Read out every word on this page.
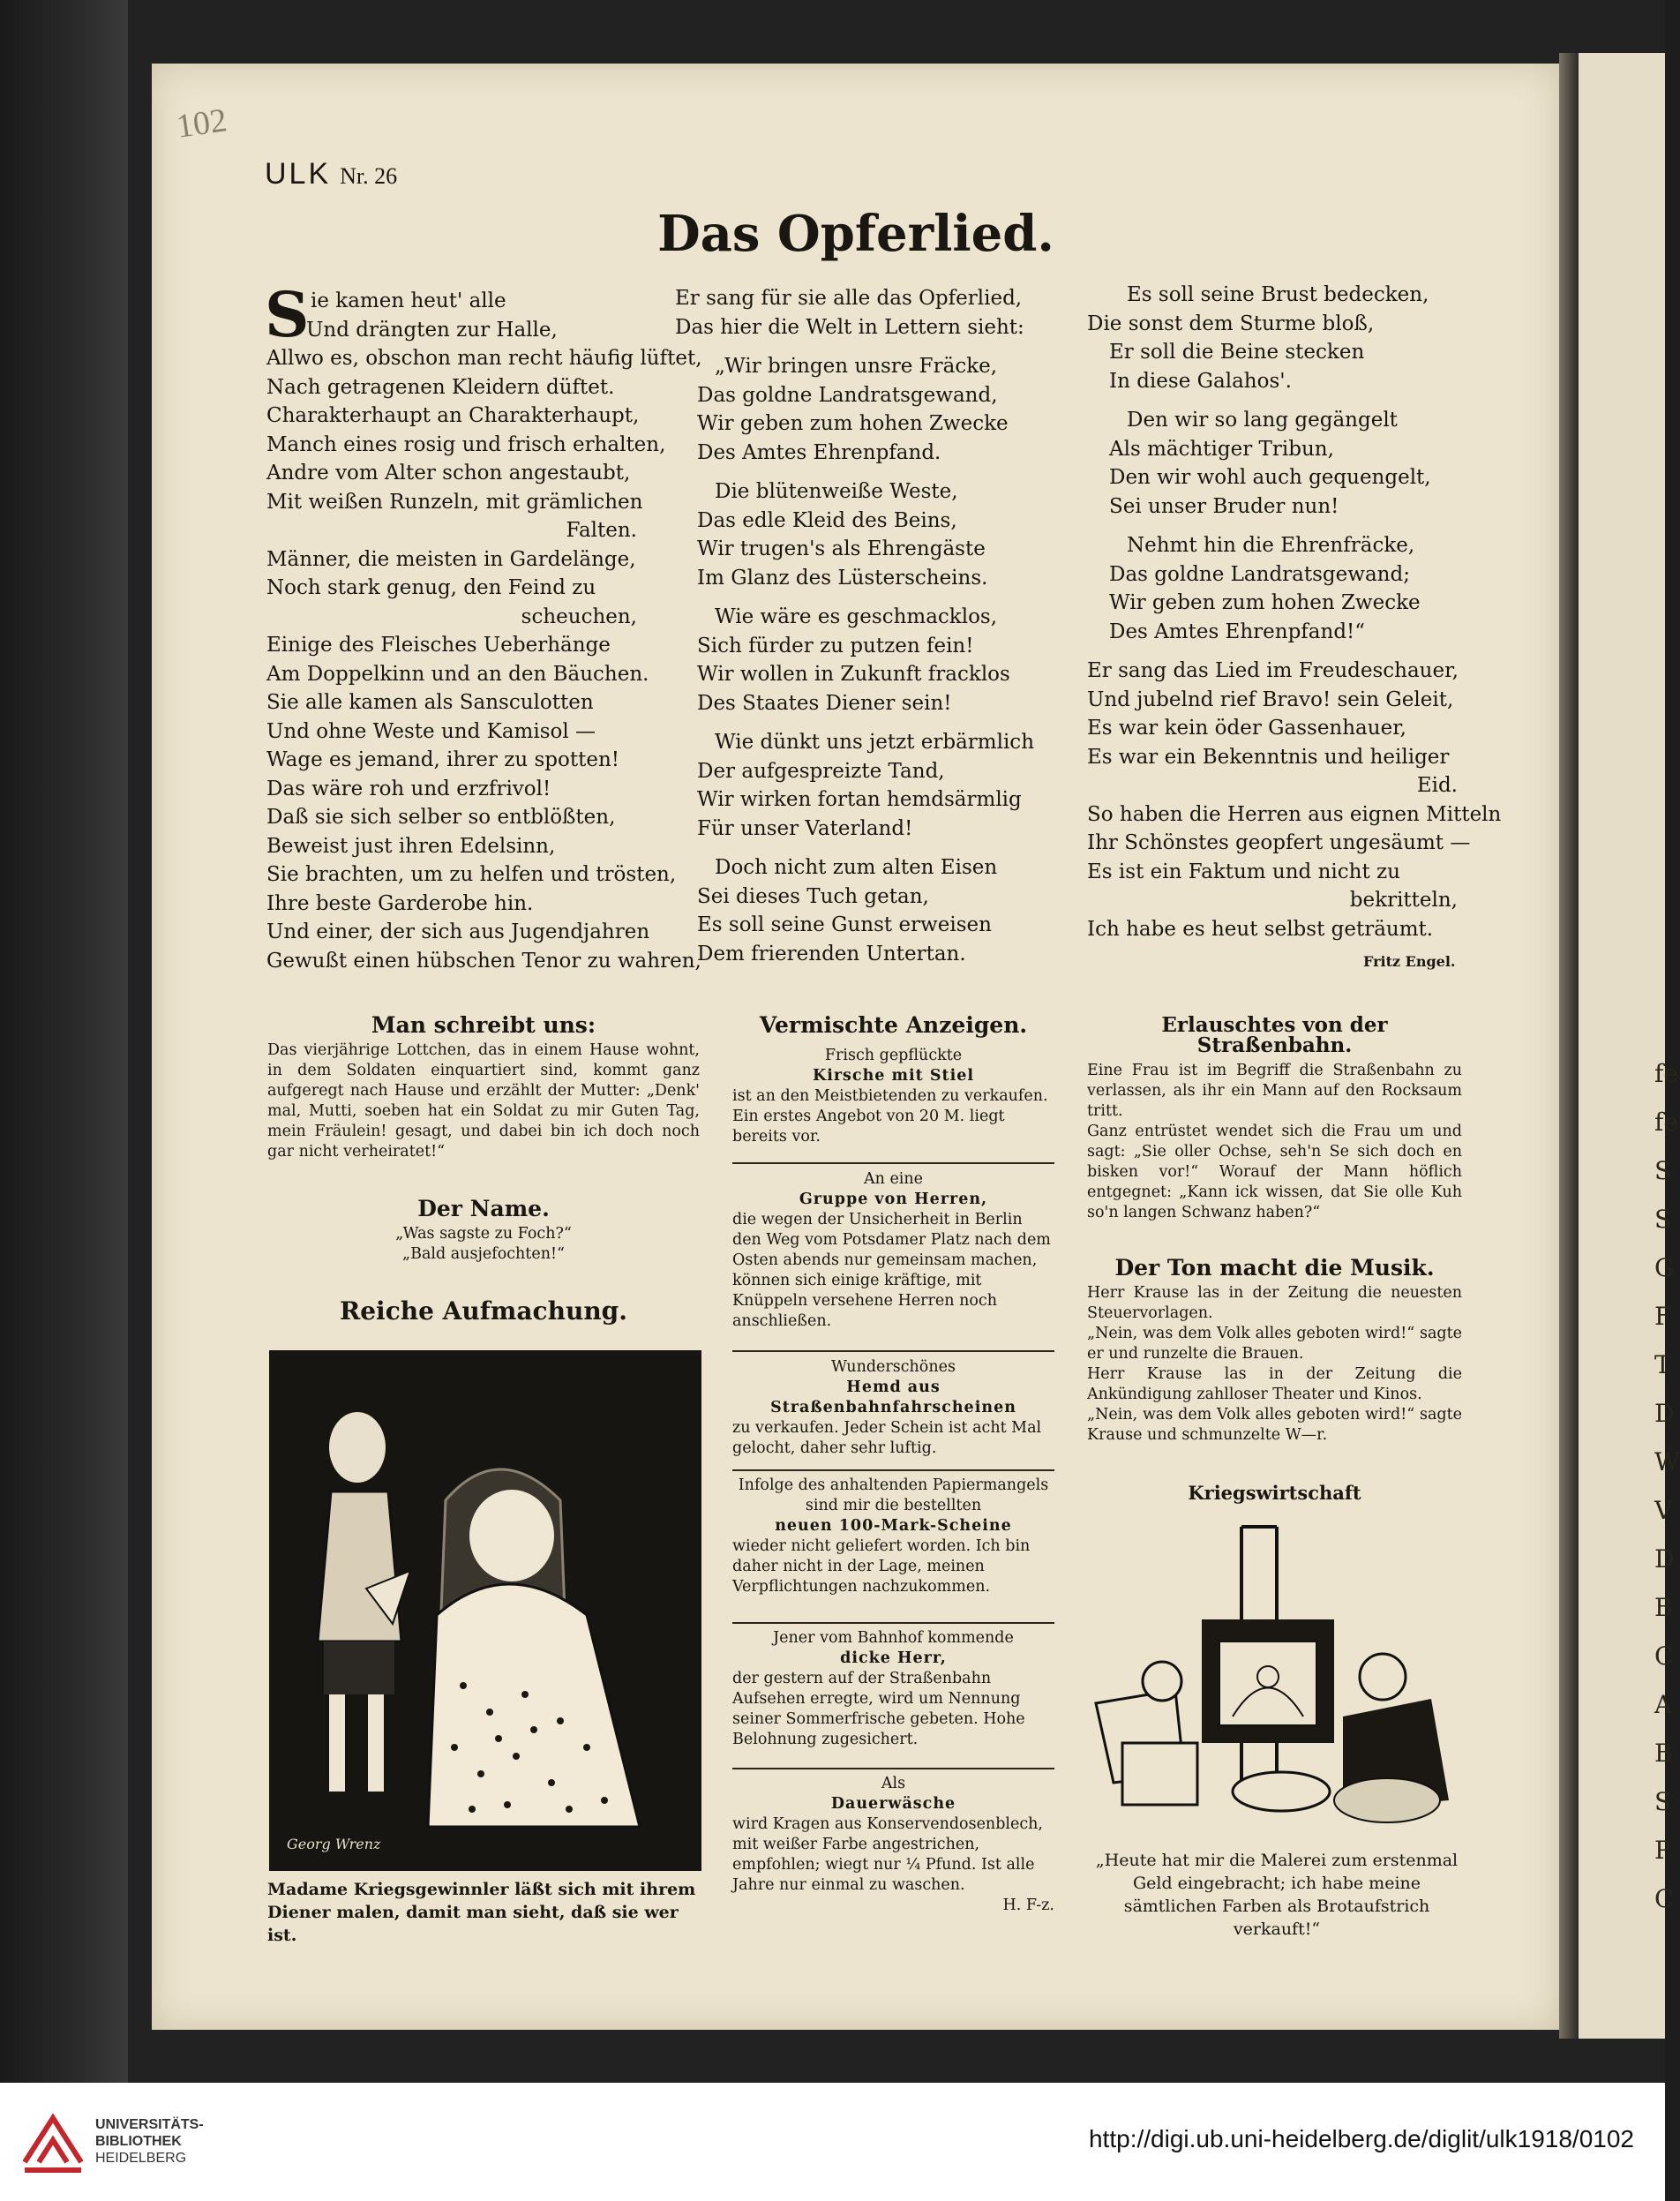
fe
fe
S
S
G
F
T
D
W
V
D
B
C
A
B
S
P
C
102
ULK Nr. 26
Das Opferlied.
S ie kamen heut' alle
Und drängten zur Halle,
Allwo es, obschon man recht häufig lüftet,
Nach getragenen Kleidern düftet.
Charakterhaupt an Charakterhaupt,
Manch eines rosig und frisch erhalten,
Andre vom Alter schon angestaubt,
Mit weißen Runzeln, mit grämlichen
Falten.
Männer, die meisten in Gardelänge,
Noch stark genug, den Feind zu
scheuchen,
Einige des Fleisches Ueberhänge
Am Doppelkinn und an den Bäuchen.
Sie alle kamen als Sansculotten
Und ohne Weste und Kamisol —
Wage es jemand, ihrer zu spotten!
Das wäre roh und erzfrivol!
Daß sie sich selber so entblößten,
Beweist just ihren Edelsinn,
Sie brachten, um zu helfen und trösten,
Ihre beste Garderobe hin.
Und einer, der sich aus Jugendjahren
Gewußt einen hübschen Tenor zu wahren,
Er sang für sie alle das Opferlied,
Das hier die Welt in Lettern sieht:
„Wir bringen unsre Fräcke,
Das goldne Landratsgewand,
Wir geben zum hohen Zwecke
Des Amtes Ehrenpfand.
Die blütenweiße Weste,
Das edle Kleid des Beins,
Wir trugen's als Ehrengäste
Im Glanz des Lüsterscheins.
Wie wäre es geschmacklos,
Sich fürder zu putzen fein!
Wir wollen in Zukunft fracklos
Des Staates Diener sein!
Wie dünkt uns jetzt erbärmlich
Der aufgespreizte Tand,
Wir wirken fortan hemdsärmlig
Für unser Vaterland!
Doch nicht zum alten Eisen
Sei dieses Tuch getan,
Es soll seine Gunst erweisen
Dem frierenden Untertan.
Es soll seine Brust bedecken,
Die sonst dem Sturme bloß,
Er soll die Beine stecken
In diese Galahos'.
Den wir so lang gegängelt
Als mächtiger Tribun,
Den wir wohl auch gequengelt,
Sei unser Bruder nun!
Nehmt hin die Ehrenfräcke,
Das goldne Landratsgewand;
Wir geben zum hohen Zwecke
Des Amtes Ehrenpfand!“
Er sang das Lied im Freudeschauer,
Und jubelnd rief Bravo! sein Geleit,
Es war kein öder Gassenhauer,
Es war ein Bekenntnis und heiliger
Eid.
So haben die Herren aus eignen Mitteln
Ihr Schönstes geopfert ungesäumt —
Es ist ein Faktum und nicht zu
bekritteln,
Ich habe es heut selbst geträumt.
Fritz Engel.
Man schreibt uns:

Das vierjährige Lottchen, das in einem Hause wohnt, in dem Soldaten einquartiert sind, kommt ganz aufgeregt nach Hause und erzählt der Mutter: „Denk' mal, Mutti, soeben hat ein Soldat zu mir Guten Tag, mein Fräulein! gesagt, und dabei bin ich doch noch gar nicht verheiratet!“

Der Name.

„Was sagste zu Foch?“

„Bald ausjefochten!“

Reiche Aufmachung.
Georg Wrenz
Madame Kriegsgewinnler läßt sich mit ihrem Diener malen, damit man sieht, daß sie wer ist.
Vermischte Anzeigen.
Frisch gepflückte
Kirsche mit Stiel
ist an den Meistbietenden zu verkaufen. Ein erstes Angebot von 20 M. liegt bereits vor.
An eine
Gruppe von Herren,
die wegen der Unsicherheit in Berlin den Weg vom Potsdamer Platz nach dem Osten abends nur gemeinsam machen, können sich einige kräftige, mit Knüppeln versehene Herren noch anschließen.
Wunderschönes
Hemd aus Straßenbahnfahrscheinen
zu verkaufen. Jeder Schein ist acht Mal gelocht, daher sehr luftig.
Infolge des anhaltenden Papiermangels sind mir die bestellten
neuen 100-Mark-Scheine
wieder nicht geliefert worden. Ich bin daher nicht in der Lage, meinen Verpflichtungen nachzukommen.
Jener vom Bahnhof kommende
dicke Herr,
der gestern auf der Straßenbahn Aufsehen erregte, wird um Nennung seiner Sommerfrische gebeten. Hohe Belohnung zugesichert.
Als
Dauerwäsche
wird Kragen aus Konservendosenblech, mit weißer Farbe angestrichen, empfohlen; wiegt nur ¼ Pfund. Ist alle Jahre nur einmal zu waschen.
H. F-z.
Erlauschtes von der Straßenbahn.

Eine Frau ist im Begriff die Straßenbahn zu verlassen, als ihr ein Mann auf den Rocksaum tritt.

Ganz entrüstet wendet sich die Frau um und sagt: „Sie oller Ochse, seh'n Se sich doch en bisken vor!“ Worauf der Mann höflich entgegnet: „Kann ick wissen, dat Sie olle Kuh so'n langen Schwanz haben?“

Der Ton macht die Musik.

Herr Krause las in der Zeitung die neuesten Steuervorlagen.

„Nein, was dem Volk alles geboten wird!“ sagte er und runzelte die Brauen.

Herr Krause las in der Zeitung die Ankündigung zahlloser Theater und Kinos.

„Nein, was dem Volk alles geboten wird!“ sagte Krause und schmunzelte W—r.

Kriegswirtschaft
„Heute hat mir die Malerei zum erstenmal Geld eingebracht; ich habe meine sämtlichen Farben als Brotaufstrich verkauft!“
UNIVERSITÄTS-
BIBLIOTHEK
HEIDELBERG
http://digi.ub.uni-heidelberg.de/diglit/ulk1918/0102
